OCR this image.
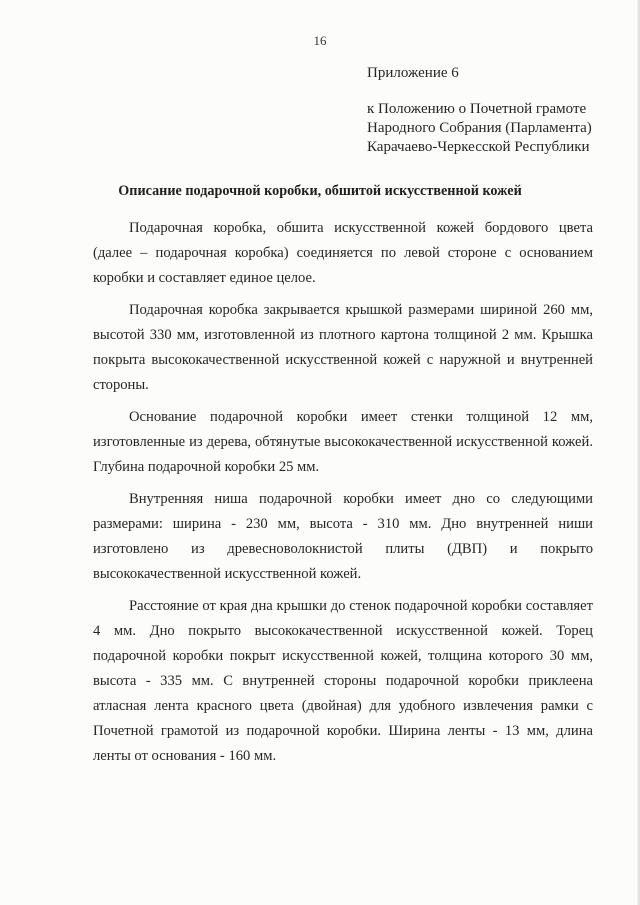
16
Приложение 6
к Положению о Почетной грамоте
Народного Собрания (Парламента)
Карачаево-Черкесской Республики
Описание подарочной коробки, обшитой искусственной кожей

Подарочная коробка, обшита искусственной кожей бордового цвета (далее – подарочная коробка) соединяется по левой стороне с основанием коробки и составляет единое целое.

Подарочная коробка закрывается крышкой размерами шириной 260 мм, высотой 330 мм, изготовленной из плотного картона толщиной 2 мм. Крышка покрыта высококачественной искусственной кожей с наружной и внутренней стороны.

Основание подарочной коробки имеет стенки толщиной 12 мм, изготовленные из дерева, обтянутые высококачественной искусственной кожей. Глубина подарочной коробки 25 мм.

Внутренняя ниша подарочной коробки имеет дно со следующими размерами: ширина - 230 мм, высота - 310 мм. Дно внутренней ниши изготовлено из древесноволокнистой плиты (ДВП) и покрыто высококачественной искусственной кожей.

Расстояние от края дна крышки до стенок подарочной коробки составляет 4 мм. Дно покрыто высококачественной искусственной кожей. Торец подарочной коробки покрыт искусственной кожей, толщина которого 30 мм, высота - 335 мм. С внутренней стороны подарочной коробки приклеена атласная лента красного цвета (двойная) для удобного извлечения рамки с Почетной грамотой из подарочной коробки. Ширина ленты - 13 мм, длина ленты от основания - 160 мм.
